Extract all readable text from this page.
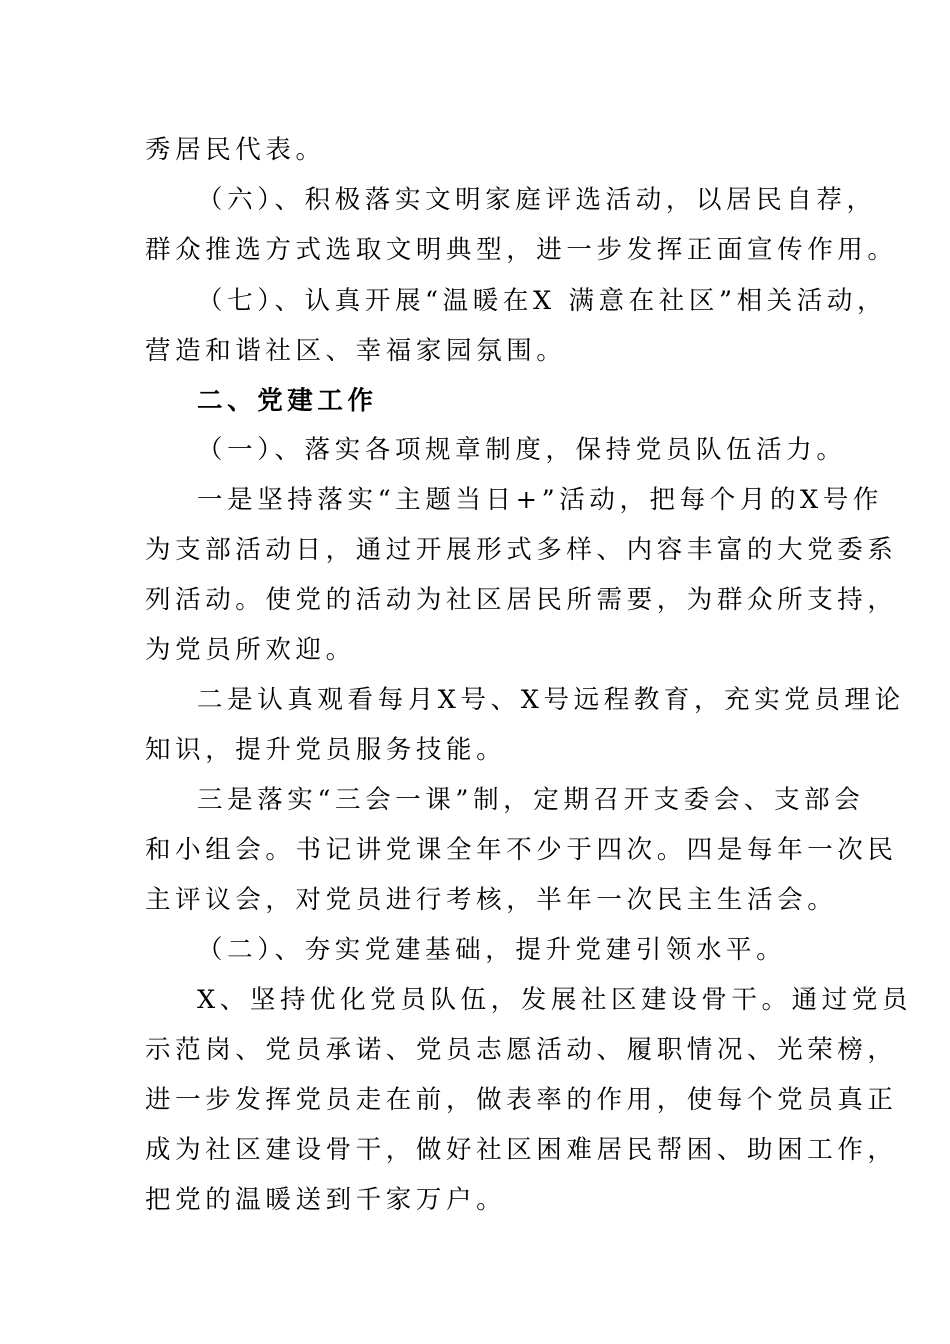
秀居民代表。
（六）、积极落实文明家庭评选活动，以居民自荐，
群众推选方式选取文明典型，进一步发挥正面宣传作用。
（七）、认真开展“温暖在X 满意在社区”相关活动，
营造和谐社区、幸福家园氛围。
二、党建工作
（一）、落实各项规章制度，保持党员队伍活力。
一是坚持落实“主题当日+”活动，把每个月的X号作
为支部活动日，通过开展形式多样、内容丰富的大党委系
列活动。使党的活动为社区居民所需要，为群众所支持，
为党员所欢迎。
二是认真观看每月X号、X号远程教育，充实党员理论
知识，提升党员服务技能。
三是落实“三会一课”制，定期召开支委会、支部会
和小组会。书记讲党课全年不少于四次。四是每年一次民
主评议会，对党员进行考核，半年一次民主生活会。
（二）、夯实党建基础，提升党建引领水平。
X、坚持优化党员队伍，发展社区建设骨干。通过党员
示范岗、党员承诺、党员志愿活动、履职情况、光荣榜，
进一步发挥党员走在前，做表率的作用，使每个党员真正
成为社区建设骨干，做好社区困难居民帮困、助困工作，
把党的温暖送到千家万户。
